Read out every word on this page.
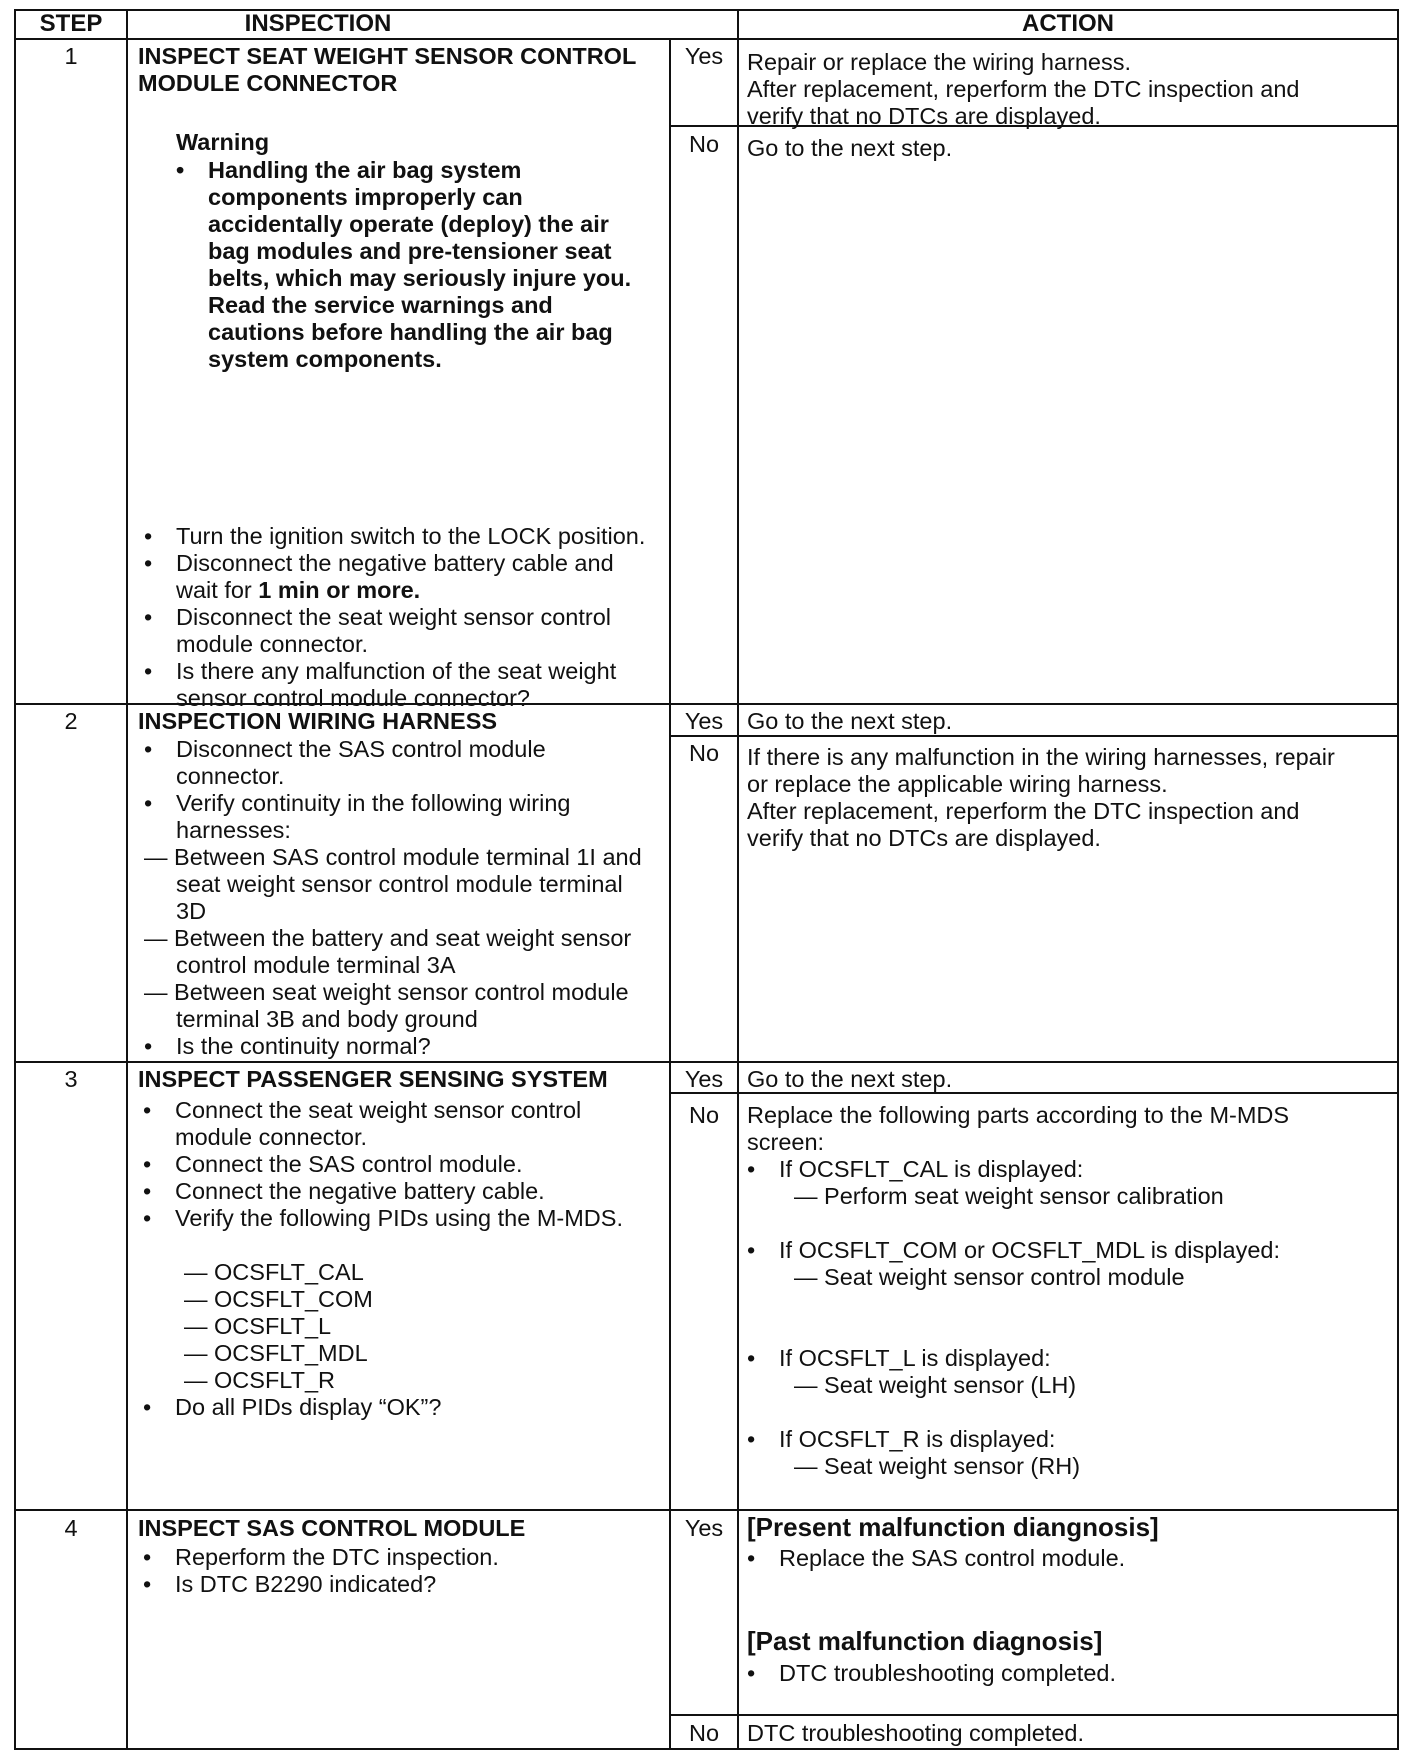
STEP	INSPECTION	ACTION
1	INSPECT SEAT WEIGHT SENSOR CONTROL
MODULE CONNECTOR
Warning
• Handling the air bag system
components improperly can
accidentally operate (deploy) the air
bag modules and pre-tensioner seat
belts, which may seriously injure you.
Read the service warnings and
cautions before handling the air bag
system components.
• Turn the ignition switch to the LOCK position.
• Disconnect the negative battery cable and
wait for 1 min or more.
• Disconnect the seat weight sensor control
module connector.
• Is there any malfunction of the seat weight
sensor control module connector?
Yes	Repair or replace the wiring harness.
After replacement, reperform the DTC inspection and
verify that no DTCs are displayed.
No	Go to the next step.
2	INSPECTION WIRING HARNESS
• Disconnect the SAS control module
connector.
• Verify continuity in the following wiring
harnesses:
— Between SAS control module terminal 1I and
seat weight sensor control module terminal
3D
— Between the battery and seat weight sensor
control module terminal 3A
— Between seat weight sensor control module
terminal 3B and body ground
• Is the continuity normal?
Yes	Go to the next step.
No	If there is any malfunction in the wiring harnesses, repair
or replace the applicable wiring harness.
After replacement, reperform the DTC inspection and
verify that no DTCs are displayed.
3	INSPECT PASSENGER SENSING SYSTEM
• Connect the seat weight sensor control
module connector.
• Connect the SAS control module.
• Connect the negative battery cable.
• Verify the following PIDs using the M-MDS.
— OCSFLT_CAL
— OCSFLT_COM
— OCSFLT_L
— OCSFLT_MDL
— OCSFLT_R
• Do all PIDs display “OK”?
Yes	Go to the next step.
No	Replace the following parts according to the M-MDS
screen:
• If OCSFLT_CAL is displayed:
— Perform seat weight sensor calibration
• If OCSFLT_COM or OCSFLT_MDL is displayed:
— Seat weight sensor control module
• If OCSFLT_L is displayed:
— Seat weight sensor (LH)
• If OCSFLT_R is displayed:
— Seat weight sensor (RH)
4	INSPECT SAS CONTROL MODULE
• Reperform the DTC inspection.
• Is DTC B2290 indicated?
Yes [Present malfunction diangnosis]
• Replace the SAS control module.
[Past malfunction diagnosis]
• DTC troubleshooting completed.
No	DTC troubleshooting completed.
